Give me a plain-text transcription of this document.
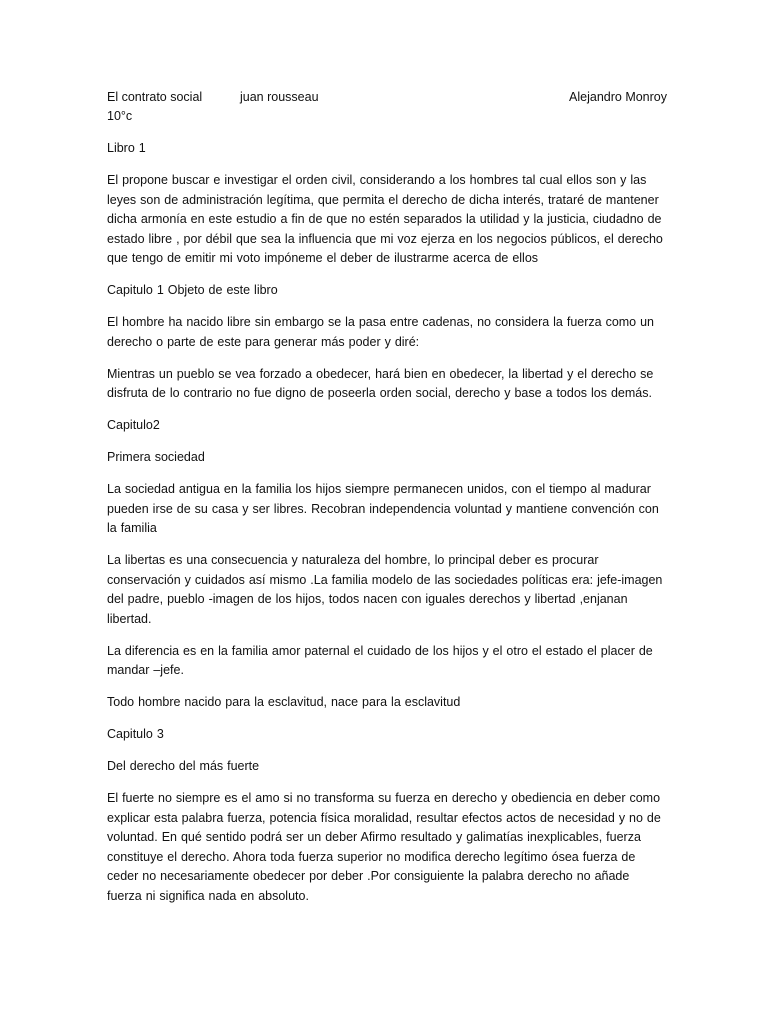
El contrato social	juan rousseau	Alejandro Monroy
10°c

Libro 1

El propone buscar e investigar el orden civil, considerando a los hombres tal cual ellos son y las leyes son de administración legítima, que permita el derecho de dicha interés, trataré de mantener dicha armonía en este estudio a fin de que no estén separados la utilidad y la justicia, ciudadno de estado libre , por débil que sea la influencia que mi voz ejerza en los negocios públicos, el derecho que tengo de emitir mi voto impóneme el deber de ilustrarme acerca de ellos

Capitulo 1 Objeto de este libro

El hombre ha nacido libre sin embargo se la pasa entre cadenas, no considera la fuerza como un derecho o parte de este para generar más poder y diré:

Mientras un pueblo se vea forzado a obedecer, hará bien en obedecer, la libertad y el derecho se disfruta de lo contrario no fue digno de poseerla orden social, derecho y base a todos los demás.

Capitulo2

Primera sociedad

La sociedad antigua en la familia los hijos siempre permanecen unidos, con el tiempo al madurar pueden irse de su casa y ser libres. Recobran independencia voluntad y mantiene convención con la familia

La libertas es una consecuencia y naturaleza del hombre, lo principal deber es procurar conservación y cuidados así mismo .La familia modelo de las sociedades políticas era: jefe-imagen del padre, pueblo -imagen de los hijos, todos nacen con iguales derechos y libertad ,enjanan libertad.

La diferencia es en la familia amor paternal el cuidado de los hijos y el otro el estado el placer de mandar –jefe.

Todo hombre nacido para la esclavitud, nace para la esclavitud

Capitulo 3

Del derecho del más fuerte

El fuerte no siempre es el amo si no transforma su fuerza en derecho y obediencia en deber como explicar esta palabra fuerza, potencia física moralidad, resultar efectos actos de necesidad y no de voluntad. En qué sentido podrá ser un deber Afirmo resultado y galimatías inexplicables, fuerza constituye el derecho. Ahora toda fuerza superior no modifica derecho legítimo ósea fuerza de ceder no necesariamente obedecer por deber .Por consiguiente la palabra derecho no añade fuerza ni significa nada en absoluto.
